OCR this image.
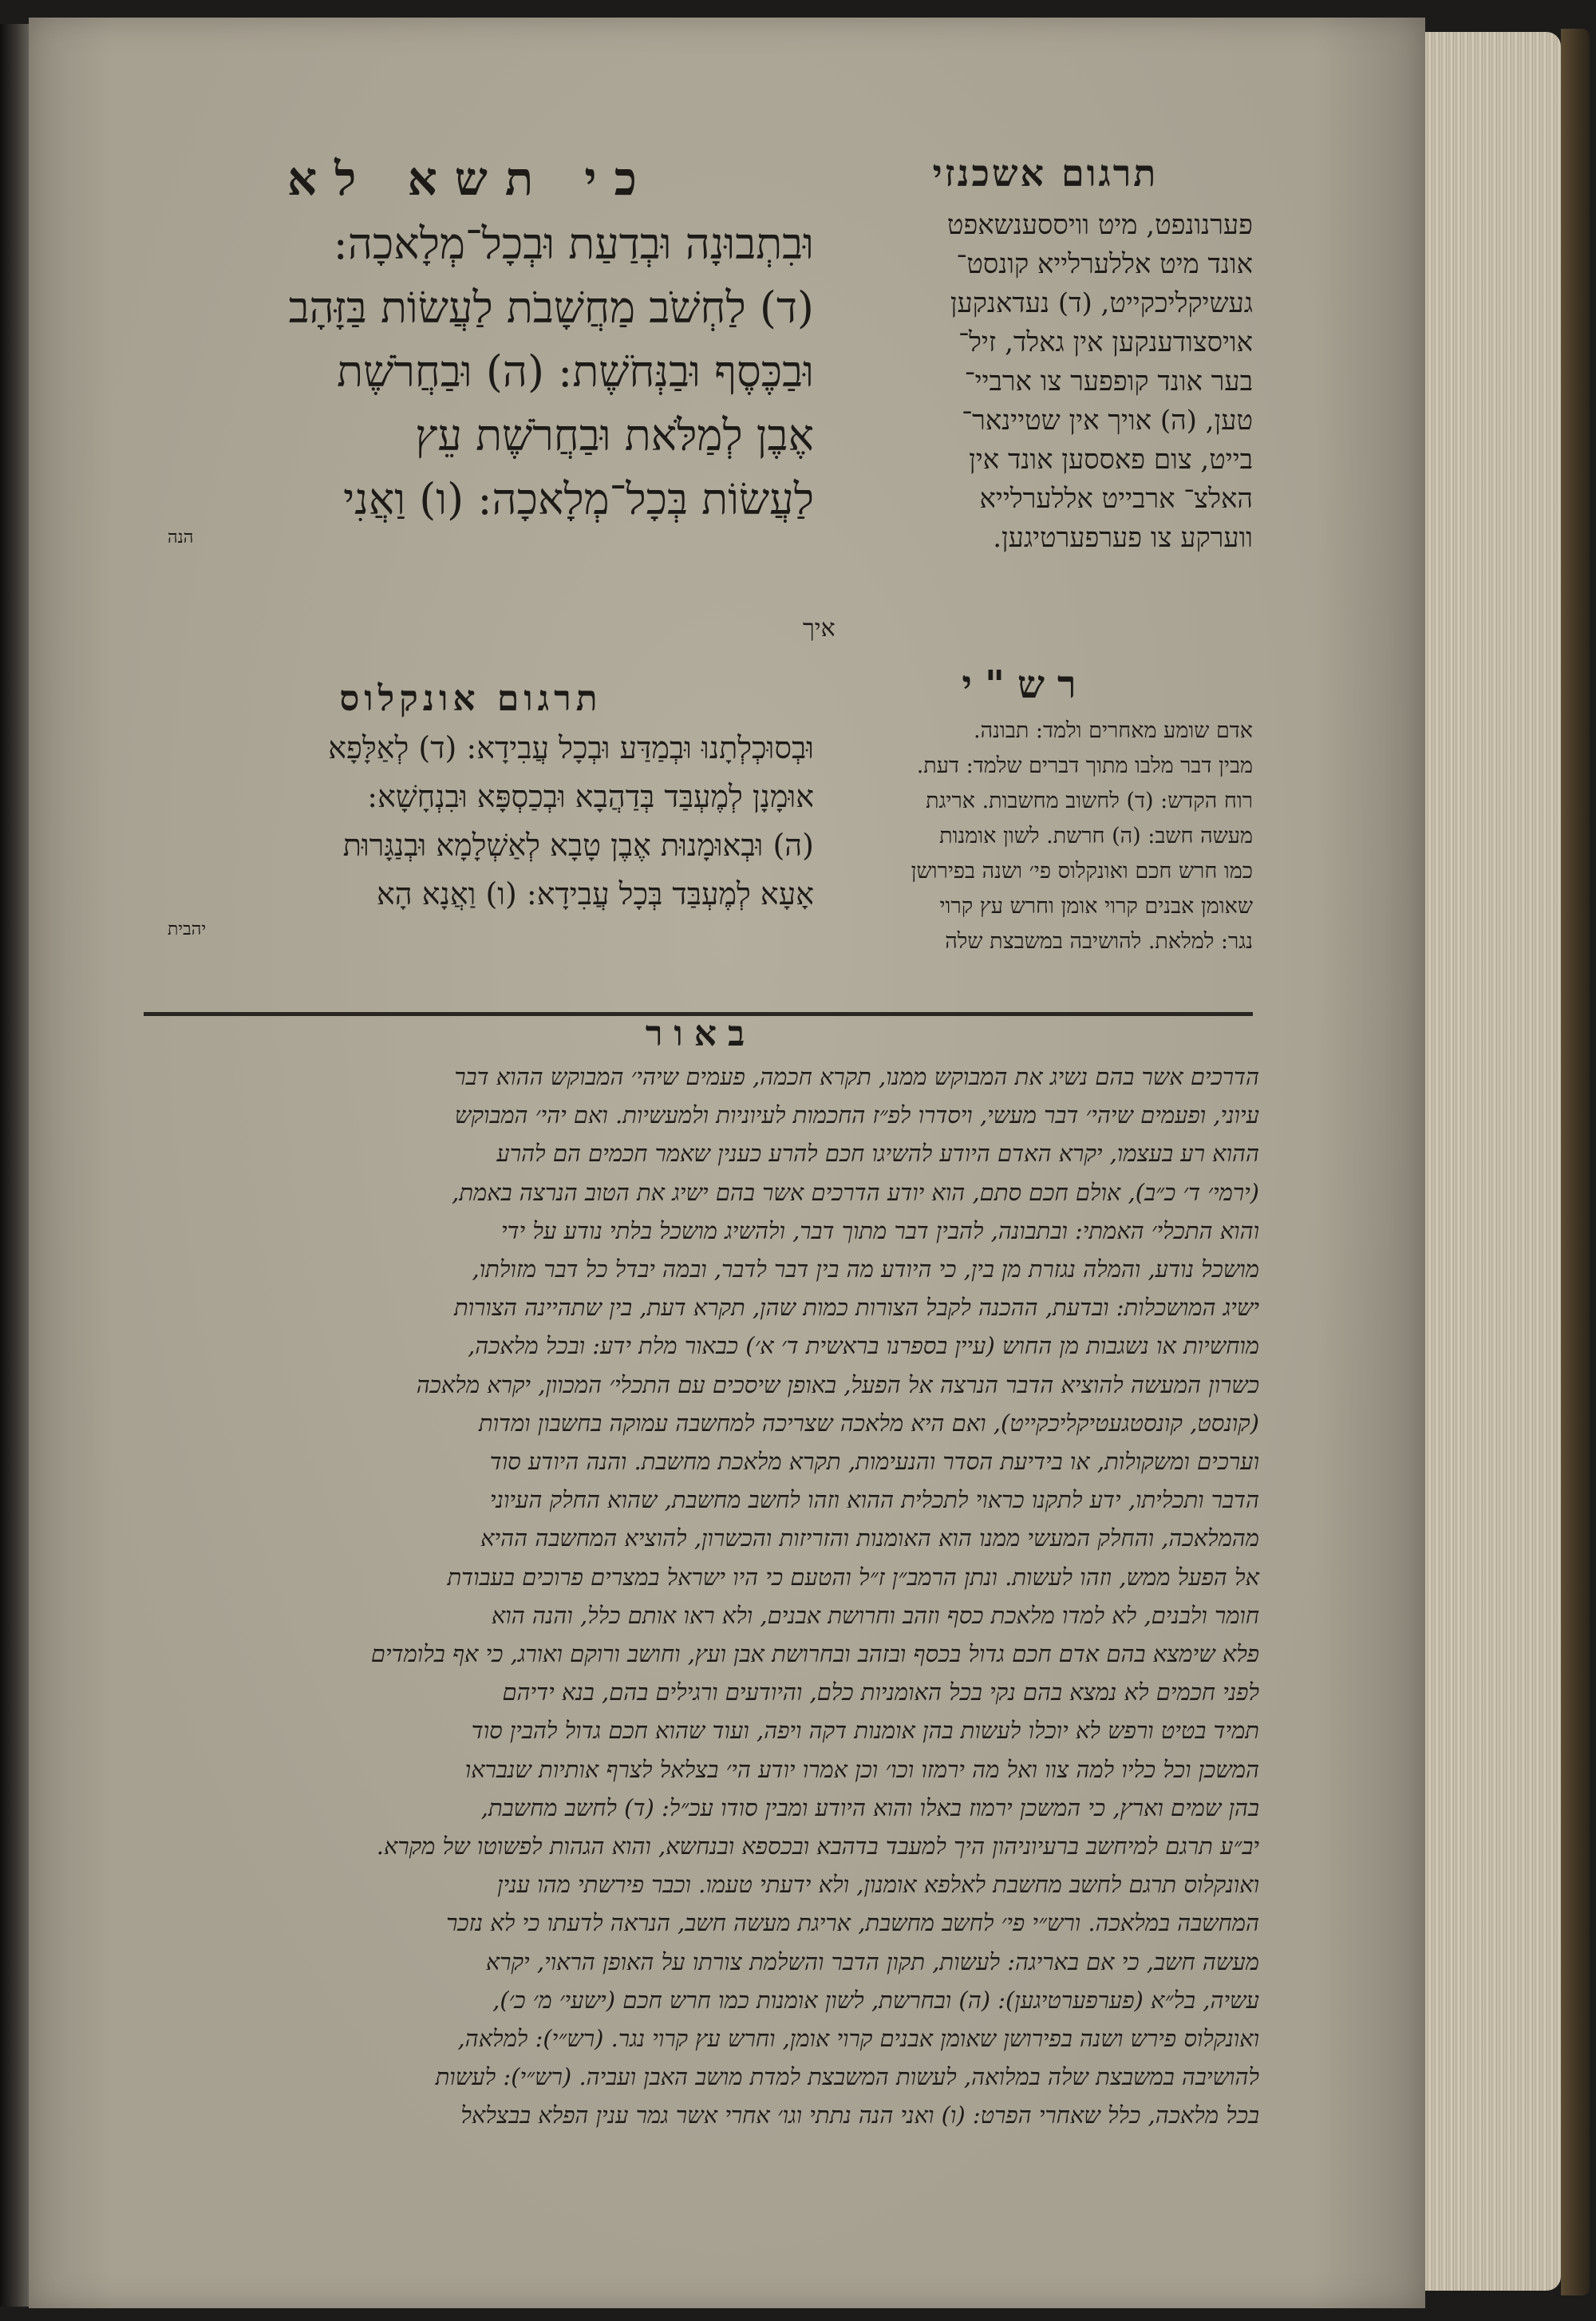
תרגום אשכנזי
פערנונפט, מיט וויססענשאפט
אונד מיט אללערלייא קונסט־
געשיקליכקייט, (ד) נעדאנקען
אויסצודענקען אין גאלד, זיל־
בער אונד קופפער צו ארביי־
טען, (ה) אויך אין שטיינאר־
בייט, צום פאססען אונד אין
האלצ־ ארבייט אללערלייא
ווערקע צו פערפערטיגען.
איך
כי תשא לא
וּבִתְבוּנָה וּבְדַעַת וּבְכָל־מְלָאכָה:
(ד) לַחְשֹׁב מַחֲשָׁבֹת לַעֲשׂוֹת בַּזָּהָב
וּבַכֶּסֶף וּבַנְּחֹשֶׁת: (ה) וּבַחֲרֹשֶׁת
אֶבֶן לְמַלֹּאת וּבַחֲרֹשֶׁת עֵץ
לַעֲשׂוֹת בְּכָל־מְלָאכָה: (ו) וַאֲנִי
הנה
תרגום אונקלוס
וּבְסוּכְלְתָנוּ וּבְמַדַּע וּבְכָל עֲבִידָא: (ד) לְאַלָּפָא
אוּמָנָן לְמֶעְבַּד בְּדַהֲבָא וּבְכַסְפָּא וּבִנְחָשָׁא:
(ה) וּבְאוּמָנוּת אֶבֶן טָבָא לְאַשְׁלָמָא וּבְנַגָּרוּת
אָעָא לְמֶעְבַּד בְּכָל עֲבִידָא: (ו) וַאֲנָא הָא
יהבית
רש"י
אדם שומע מאחרים ולמד: תבונה.
מבין דבר מלבו מתוך דברים שלמד: דעת.
רוח הקדש: (ד) לחשוב מחשבות. אריגת
מעשה חשב: (ה) חרשת. לשון אומנות
כמו חרש חכם ואונקלוס פי׳ ושנה בפירושן
שאומן אבנים קרוי אומן וחרש עץ קרוי
נגר: למלאת. להושיבה במשבצת שלה
באור
הדרכים אשר בהם נשיג את המבוקש ממנו, תקרא חכמה, פעמים שיהי׳ המבוקש ההוא דבר
עיוני, ופעמים שיהי׳ דבר מעשי, ויסדרו לפ״ז החכמות לעיוניות ולמעשיות. ואם יהי׳ המבוקש
ההוא רע בעצמו, יקרא האדם היודע להשיגו חכם להרע כענין שאמר חכמים הם להרע
(ירמי׳ ד׳ כ״ב), אולם חכם סתם, הוא יודע הדרכים אשר בהם ישיג את הטוב הנרצה באמת,
והוא התכלי׳ האמתי: ובתבונה, להבין דבר מתוך דבר, ולהשיג מושכל בלתי נודע על ידי
מושכל נודע, והמלה נגזרת מן בין, כי היודע מה בין דבר לדבר, ובמה יבדל כל דבר מזולתו,
ישיג המושכלות: ובדעת, ההכנה לקבל הצורות כמות שהן, תקרא דעת, בין שתהיינה הצורות
מוחשיות או נשגבות מן החוש (עיין בספרנו בראשית ד׳ א׳) כבאור מלת ידע: ובכל מלאכה,
כשרון המעשה להוציא הדבר הנרצה אל הפעל, באופן שיסכים עם התכלי׳ המכוון, יקרא מלאכה
(קונסט, קונסטגעטיקליכקייט), ואם היא מלאכה שצריכה למחשבה עמוקה בחשבון ומדות
וערכים ומשקולות, או בידיעת הסדר והנעימות, תקרא מלאכת מחשבת. והנה היודע סוד
הדבר ותכליתו, ידע לתקנו כראוי לתכלית ההוא וזהו לחשב מחשבת, שהוא החלק העיוני
מהמלאכה, והחלק המעשי ממנו הוא האומנות והזריזות והכשרון, להוציא המחשבה ההיא
אל הפעל ממש, וזהו לעשות. ונתן הרמב״ן ז״ל והטעם כי היו ישראל במצרים פרוכים בעבודת
חומר ולבנים, לא למדו מלאכת כסף וזהב וחרושת אבנים, ולא ראו אותם כלל, והנה הוא
פלא שימצא בהם אדם חכם גדול בכסף ובזהב ובחרושת אבן ועץ, וחושב ורוקם ואורג, כי אף בלומדים
לפני חכמים לא נמצא בהם נקי בכל האומניות כלם, והיודעים ורגילים בהם, בנא ידיהם
תמיד בטיט ורפש לא יוכלו לעשות בהן אומנות דקה ויפה, ועוד שהוא חכם גדול להבין סוד
המשכן וכל כליו למה צוו ואל מה ירמזו וכו׳ וכן אמרו יודע הי׳ בצלאל לצרף אותיות שנבראו
בהן שמים וארץ, כי המשכן ירמוז באלו והוא היודע ומבין סודו עכ״ל: (ד) לחשב מחשבת,
יב״ע תרגם למיחשב ברעיוניהון היך למעבד בדהבא ובכספא ובנחשא, והוא הגהות לפשוטו של מקרא.
ואונקלוס תרגם לחשב מחשבת לאלפא אומנון, ולא ידעתי טעמו. וכבר פירשתי מהו ענין
המחשבה במלאכה. ורש״י פי׳ לחשב מחשבת, אריגת מעשה חשב, הנראה לדעתו כי לא נזכר
מעשה חשב, כי אם באריגה: לעשות, תקון הדבר והשלמת צורתו על האופן הראוי, יקרא
עשיה, בל״א (פערפערטיגען): (ה) ובחרשת, לשון אומנות כמו חרש חכם (ישעי׳ מ׳ כ׳),
ואונקלוס פירש ושנה בפירושן שאומן אבנים קרוי אומן, וחרש עץ קרוי נגר. (רש״י): למלאה,
להושיבה במשבצת שלה במלואה, לעשות המשבצת למדת מושב האבן ועביה. (רש״י): לעשות
בכל מלאכה, כלל שאחרי הפרט: (ו) ואני הנה נתתי וגו׳ אחרי אשר גמר ענין הפלא בבצלאל
